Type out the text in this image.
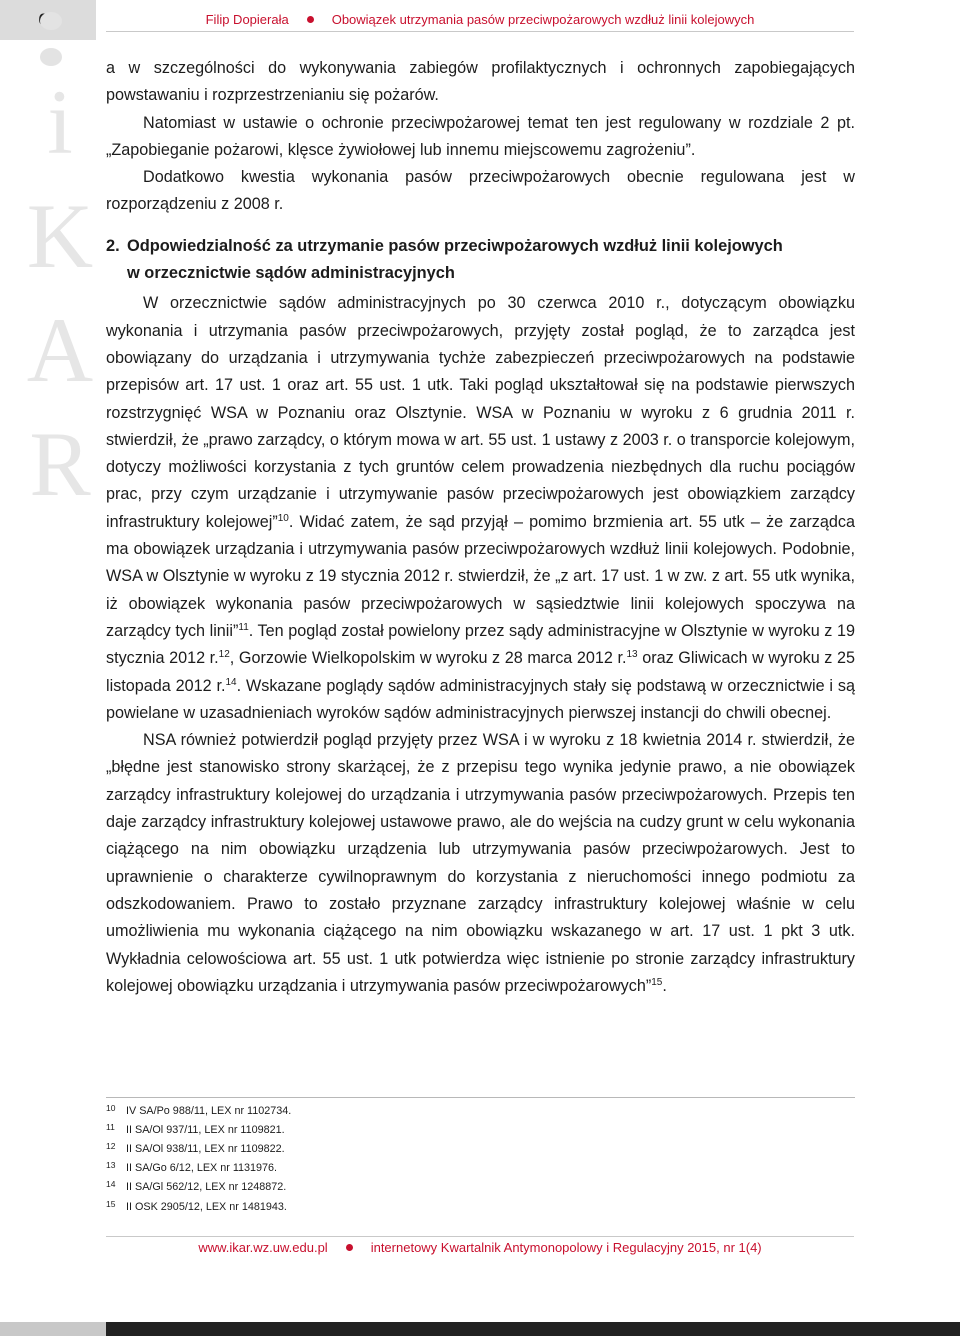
Filip Dopierała	Obowiązek utrzymania pasów przeciwpożarowych wzdłuż linii kolejowych
i
K
A
R

a w szczególności do wykonywania zabiegów profilaktycznych i ochronnych zapobiegających powstawaniu i rozprzestrzenianiu się pożarów.

Natomiast w ustawie o ochronie przeciwpożarowej temat ten jest regulowany w rozdziale 2 pt. „Zapobieganie pożarowi, klęsce żywiołowej lub innemu miejscowemu zagrożeniu”.

Dodatkowo kwestia wykonania pasów przeciwpożarowych obecnie regulowana jest w rozporządzeniu z 2008 r.

2. Odpowiedzialność za utrzymanie pasów przeciwpożarowych wzdłuż linii kolejowych
w orzecznictwie sądów administracyjnych

W orzecznictwie sądów administracyjnych po 30 czerwca 2010 r., dotyczącym obowiązku wykonania i utrzymania pasów przeciwpożarowych, przyjęty został pogląd, że to zarządca jest obowiązany do urządzania i utrzymywania tychże zabezpieczeń przeciwpożarowych na podstawie przepisów art. 17 ust. 1 oraz art. 55 ust. 1 utk. Taki pogląd ukształtował się na podstawie pierwszych rozstrzygnięć WSA w Poznaniu oraz Olsztynie. WSA w Poznaniu w wyroku z 6 grudnia 2011 r. stwierdził, że „prawo zarządcy, o którym mowa w art. 55 ust. 1 ustawy z 2003 r. o transporcie kolejowym, dotyczy możliwości korzystania z tych gruntów celem prowadzenia niezbędnych dla ruchu pociągów prac, przy czym urządzanie i utrzymywanie pasów przeciwpożarowych jest obowiązkiem zarządcy infrastruktury kolejowej”$^{10}$. Widać zatem, że sąd przyjął – pomimo brzmienia art. 55 utk – że zarządca ma obowiązek urządzania i utrzymywania pasów przeciwpożarowych wzdłuż linii kolejowych. Podobnie, WSA w Olsztynie w wyroku z 19 stycznia 2012 r. stwierdził, że „z art. 17 ust. 1 w zw. z art. 55 utk wynika, iż obowiązek wykonania pasów przeciwpożarowych w sąsiedztwie linii kolejowych spoczywa na zarządcy tych linii”$^{11}$. Ten pogląd został powielony przez sądy administracyjne w Olsztynie w wyroku z 19 stycznia 2012 r.$^{12}$, Gorzowie Wielkopolskim w wyroku z 28 marca 2012 r.$^{13}$ oraz Gliwicach w wyroku z 25 listopada 2012 r.$^{14}$. Wskazane poglądy sądów administracyjnych stały się podstawą w orzecznictwie i są powielane w uzasadnieniach wyroków sądów administracyjnych pierwszej instancji do chwili obecnej.

NSA również potwierdził pogląd przyjęty przez WSA i w wyroku z 18 kwietnia 2014 r. stwierdził, że „błędne jest stanowisko strony skarżącej, że z przepisu tego wynika jedynie prawo, a nie obowiązek zarządcy infrastruktury kolejowej do urządzania i utrzymywania pasów przeciwpożarowych. Przepis ten daje zarządcy infrastruktury kolejowej ustawowe prawo, ale do wejścia na cudzy grunt w celu wykonania ciążącego na nim obowiązku urządzenia lub utrzymywania pasów przeciwpożarowych. Jest to uprawnienie o charakterze cywilnoprawnym do korzystania z nieruchomości innego podmiotu za odszkodowaniem. Prawo to zostało przyznane zarządcy infrastruktury kolejowej właśnie w celu umożliwienia mu wykonania ciążącego na nim obowiązku wskazanego w art. 17 ust. 1 pkt 3 utk. Wykładnia celowościowa art. 55 ust. 1 utk potwierdza więc istnienie po stronie zarządcy infrastruktury kolejowej obowiązku urządzania i utrzymywania pasów przeciwpożarowych”$^{15}$.

10 IV SA/Po 988/11, LEX nr 1102734.
11	II SA/Ol 937/11, LEX nr 1109821.
12 II SA/Ol 938/11, LEX nr 1109822.
13 II SA/Go 6/12, LEX nr 1131976.
14 II SA/Gl 562/12, LEX nr 1248872.
15 II OSK 2905/12, LEX nr 1481943.
www.ikar.wz.uw.edu.pl	internetowy Kwartalnik Antymonopolowy i Regulacyjny 2015, nr 1(4)
